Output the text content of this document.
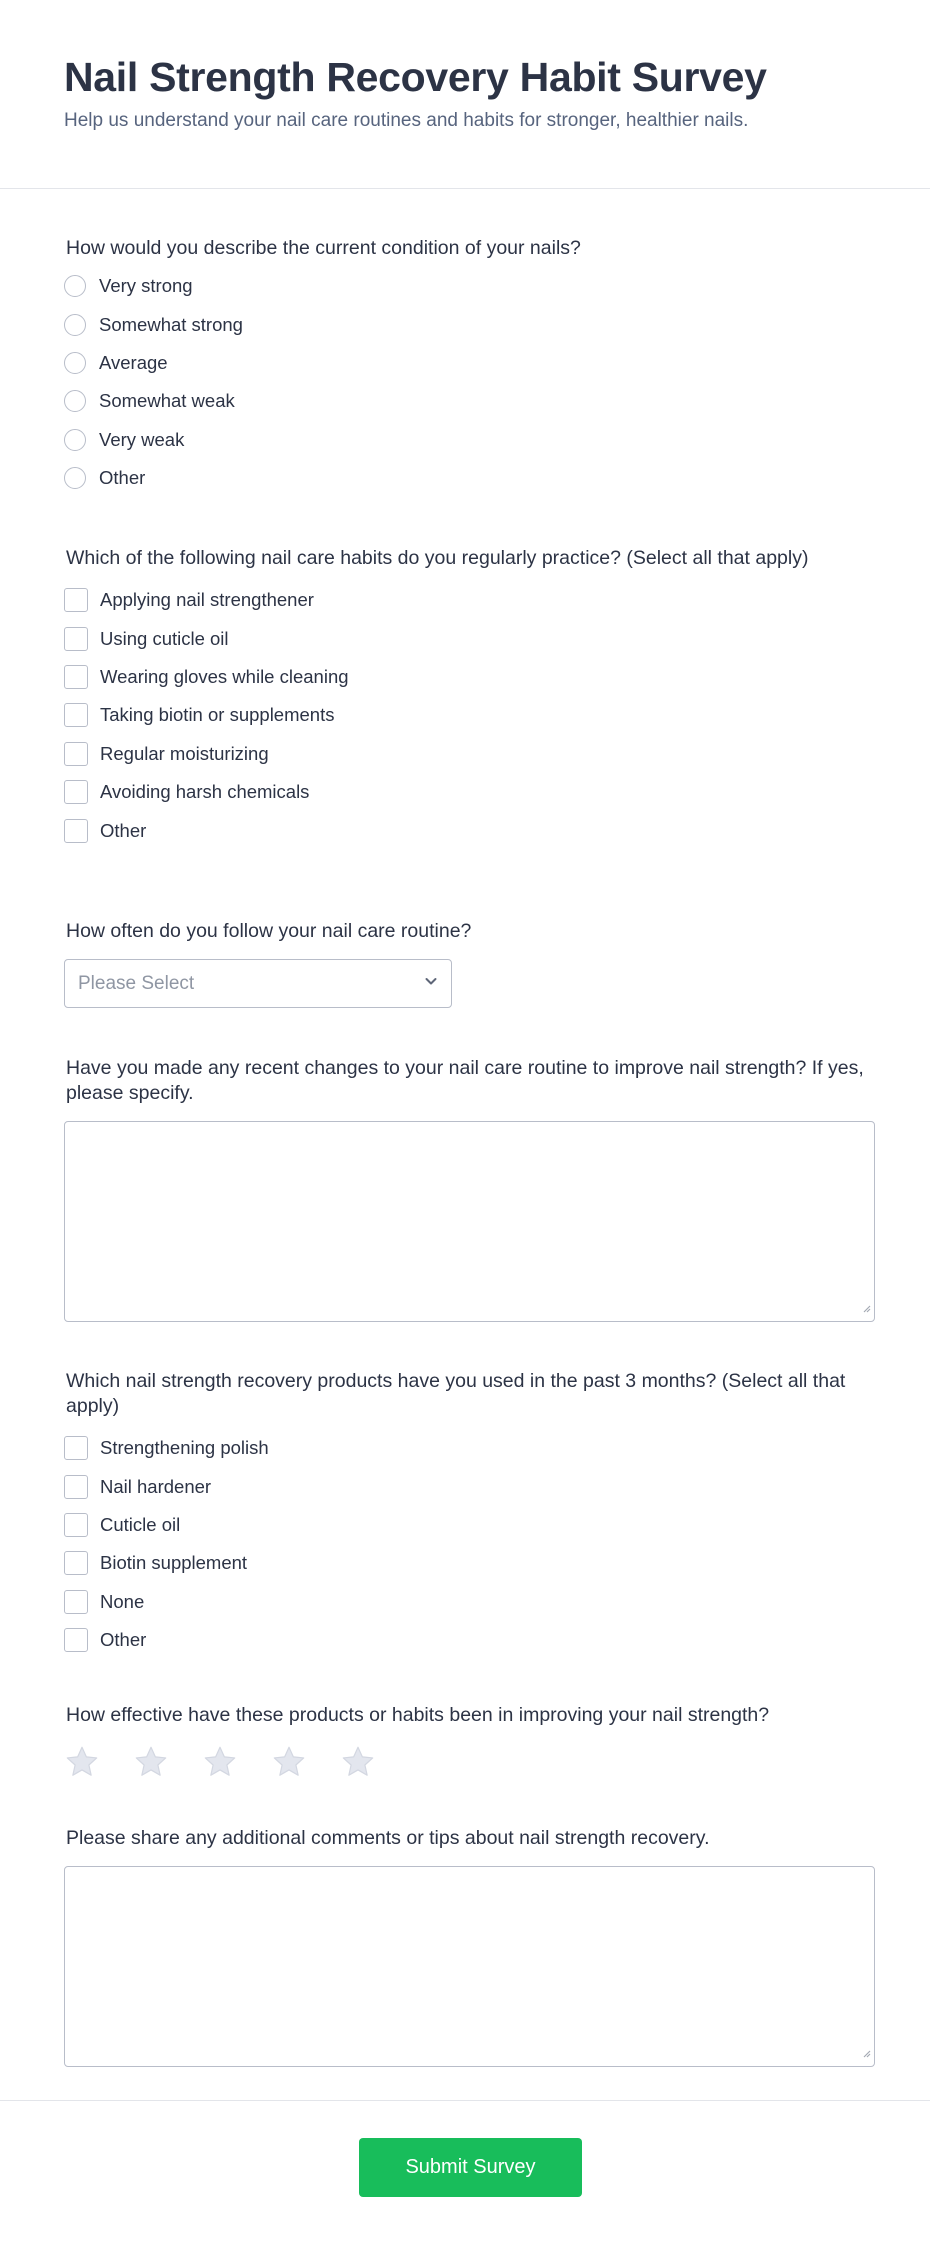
Nail Strength Recovery Habit Survey

Help us understand your nail care routines and habits for stronger, healthier nails.

How would you describe the current condition of your nails?
Very strong
Somewhat strong
Average
Somewhat weak
Very weak
Other
Which of the following nail care habits do you regularly practice? (Select all that apply)
Applying nail strengthener
Using cuticle oil
Wearing gloves while cleaning
Taking biotin or supplements
Regular moisturizing
Avoiding harsh chemicals
Other
How often do you follow your nail care routine?
Please Select
Have you made any recent changes to your nail care routine to improve nail strength? If yes, please specify.
Which nail strength recovery products have you used in the past 3 months? (Select all that apply)
Strengthening polish
Nail hardener
Cuticle oil
Biotin supplement
None
Other
How effective have these products or habits been in improving your nail strength?
Please share any additional comments or tips about nail strength recovery.
Submit Survey
